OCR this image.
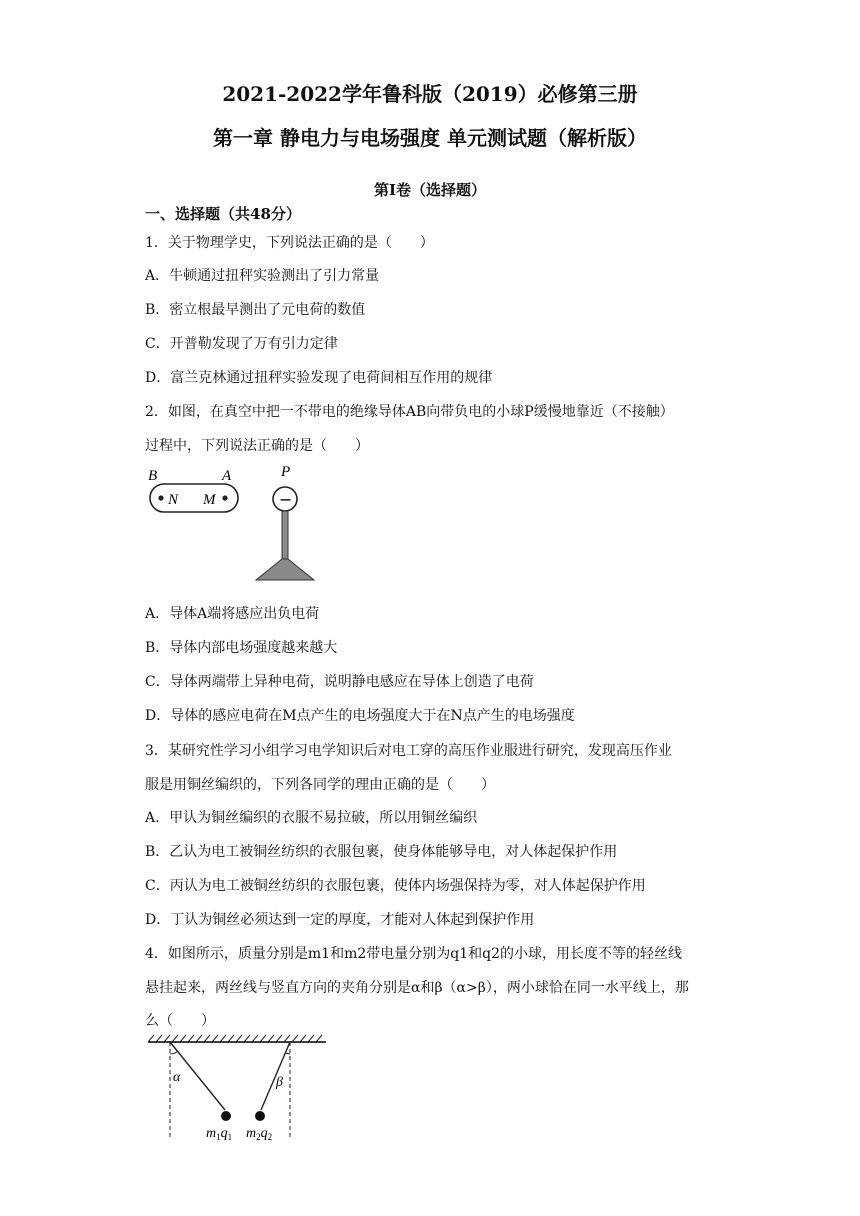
2021-2022学年鲁科版（2019）必修第三册
第一章 静电力与电场强度 单元测试题（解析版）
第Ⅰ卷（选择题）
一、选择题（共48分）
1．关于物理学史，下列说法正确的是（　　）
A．牛顿通过扭秤实验测出了引力常量
B．密立根最早测出了元电荷的数值
C．开普勒发现了万有引力定律
D．富兰克林通过扭秤实验发现了电荷间相互作用的规律
2．如图，在真空中把一不带电的绝缘导体AB向带负电的小球P缓慢地靠近（不接触）
过程中，下列说法正确的是（　　）
B	A
N M
P
−
A．导体A端将感应出负电荷
B．导体内部电场强度越来越大
C．导体两端带上异种电荷，说明静电感应在导体上创造了电荷
D．导体的感应电荷在M点产生的电场强度大于在N点产生的电场强度
3．某研究性学习小组学习电学知识后对电工穿的高压作业服进行研究，发现高压作业
服是用铜丝编织的，下列各同学的理由正确的是（　　）
A．甲认为铜丝编织的衣服不易拉破，所以用铜丝编织
B．乙认为电工被铜丝纺织的衣服包裹，使身体能够导电，对人体起保护作用
C．丙认为电工被铜丝纺织的衣服包裹，使体内场强保持为零，对人体起保护作用
D．丁认为铜丝必须达到一定的厚度，才能对人体起到保护作用
4．如图所示，质量分别是m1和m2带电量分别为q1和q2的小球，用长度不等的轻丝线
悬挂起来，两丝线与竖直方向的夹角分别是α和β（α>β），两小球恰在同一水平线上，那
么（　　）
α	β
$m_1q_1$ $m_2q_2$
